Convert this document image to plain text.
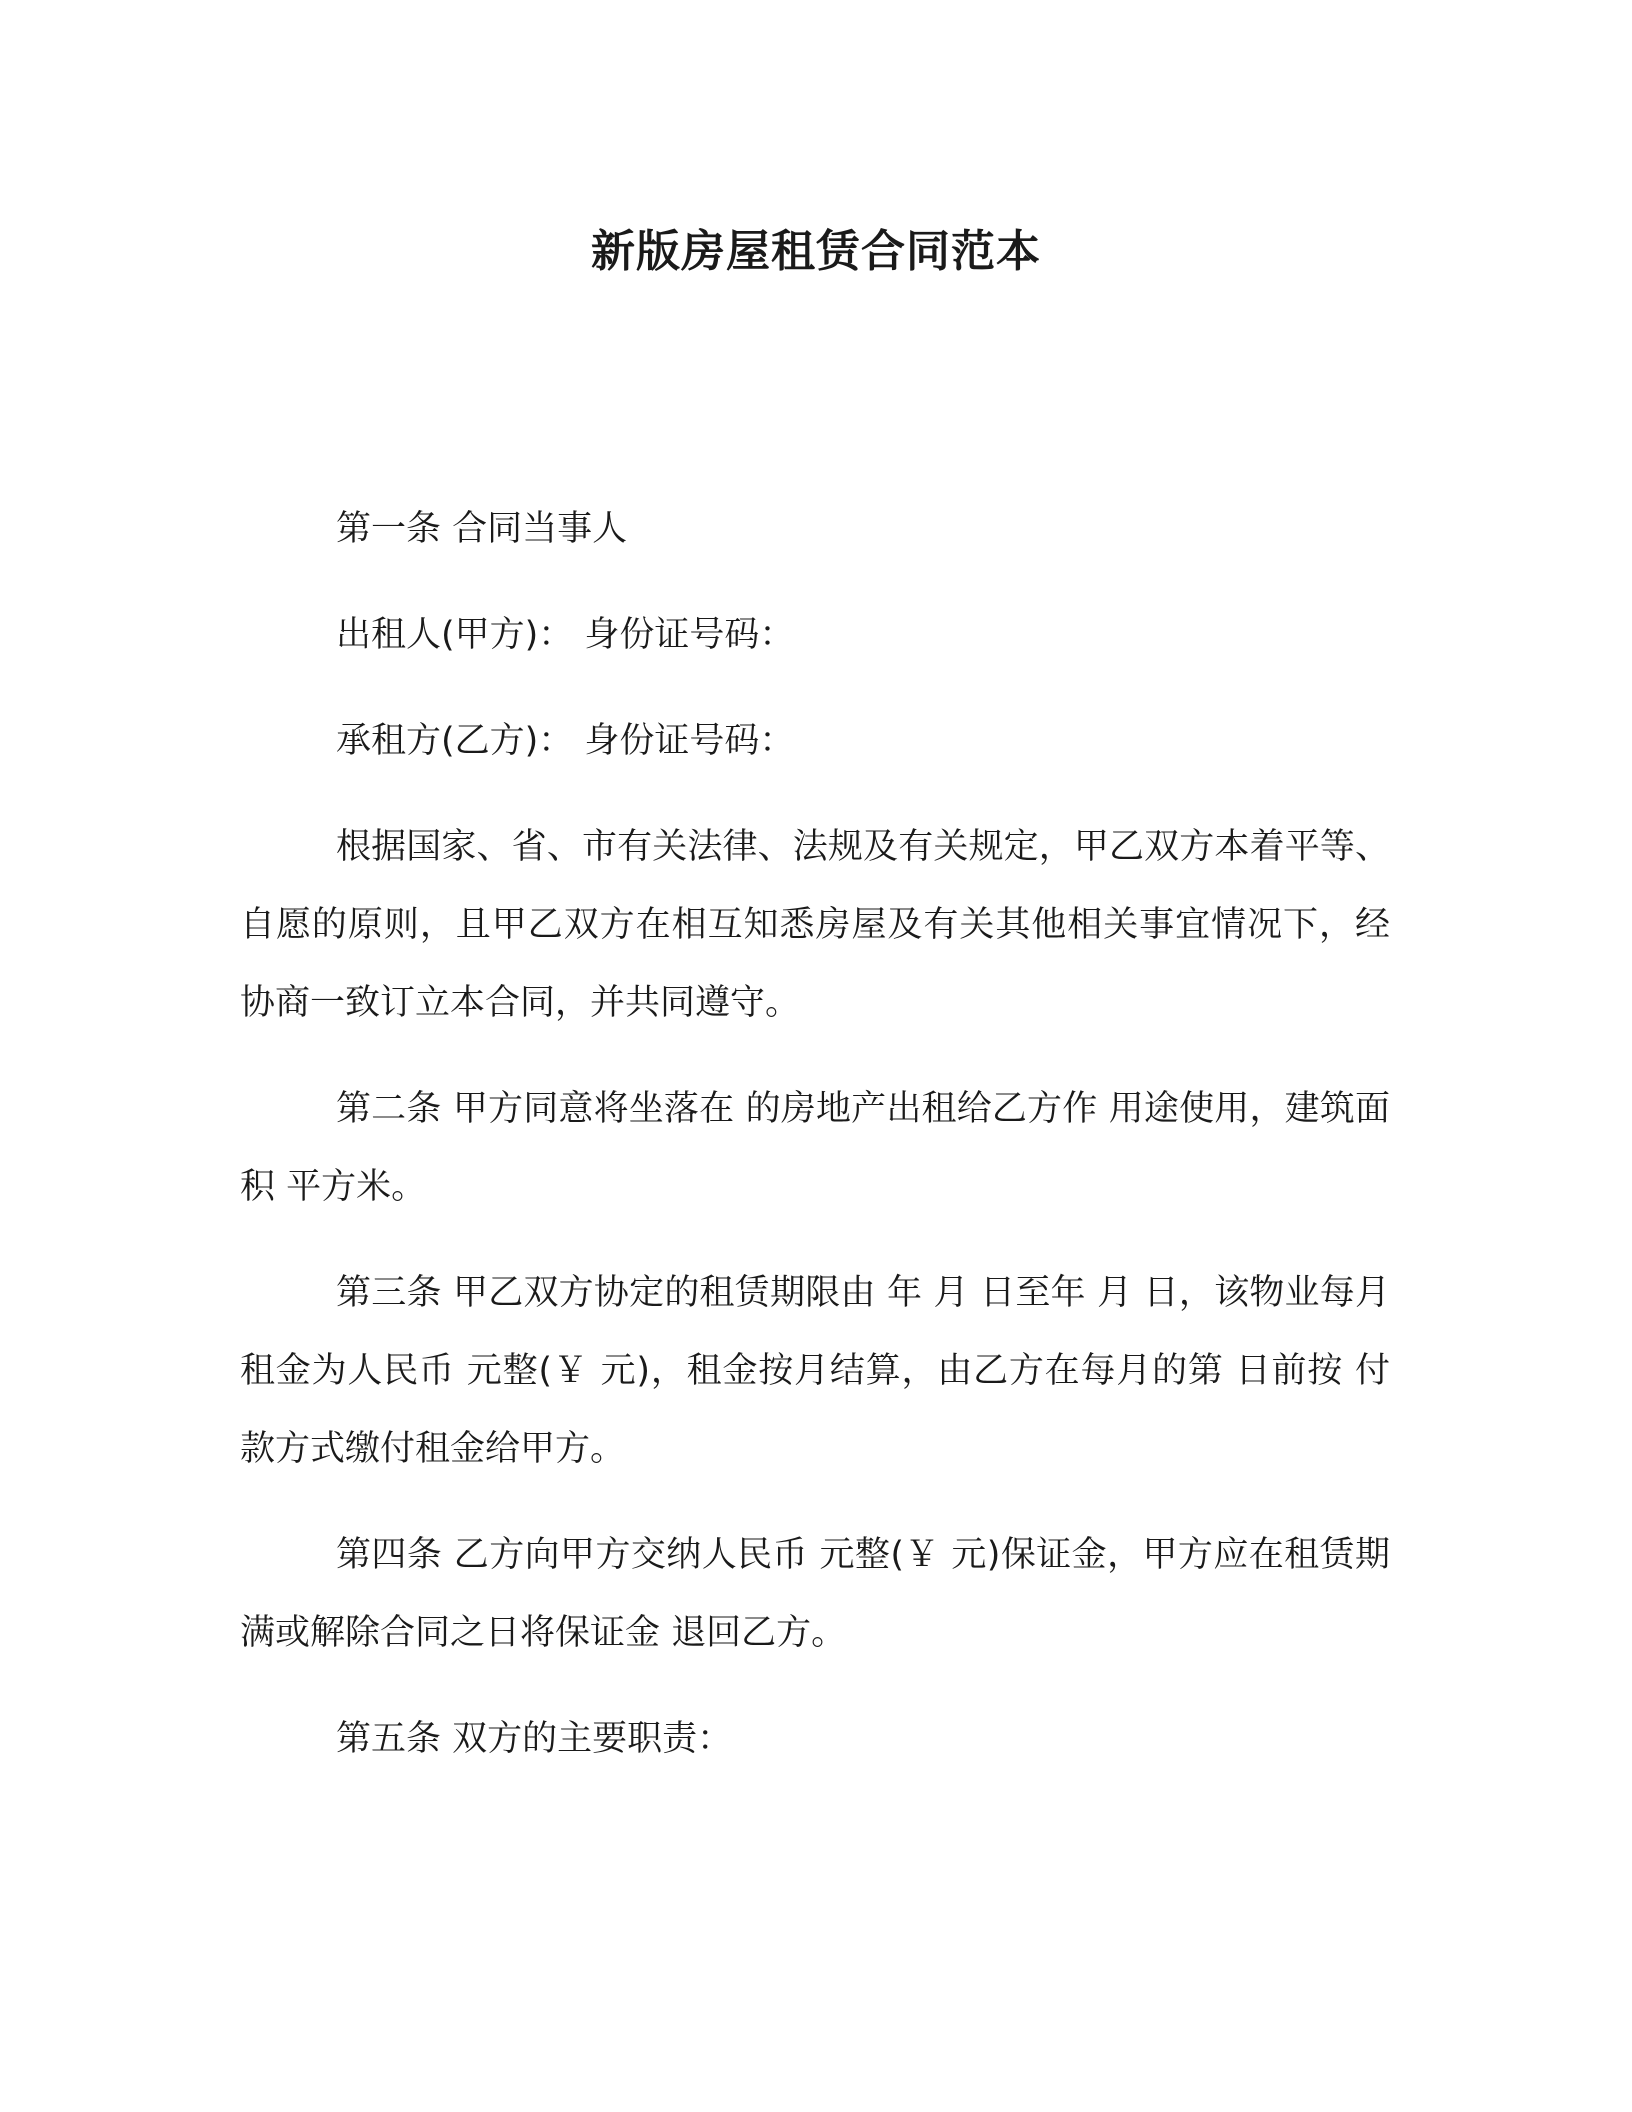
新版房屋租赁合同范本

第一条 合同当事人

出租人(甲方)： 身份证号码：

承租方(乙方)： 身份证号码：

根据国家、省、市有关法律、法规及有关规定，甲乙双方本着平等、自愿的原则，且甲乙双方在相互知悉房屋及有关其他相关事宜情况下，经协商一致订立本合同，并共同遵守。

第二条 甲方同意将坐落在 的房地产出租给乙方作 用途使用，建筑面积 平方米。

第三条 甲乙双方协定的租赁期限由 年 月 日至年 月 日，该物业每月租金为人民币 元整(￥ 元)，租金按月结算，由乙方在每月的第 日前按 付款方式缴付租金给甲方。

第四条 乙方向甲方交纳人民币 元整(￥ 元)保证金，甲方应在租赁期满或解除合同之日将保证金 退回乙方。

第五条 双方的主要职责：
